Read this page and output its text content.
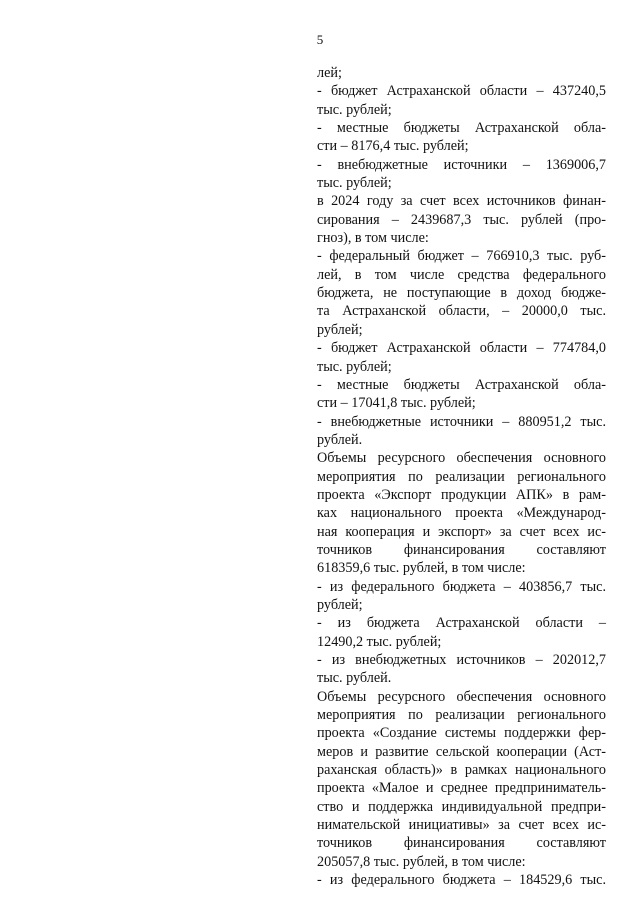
5
лей;
- бюджет Астраханской области – 437240,5
тыс. рублей;
- местные бюджеты Астраханской обла-
сти – 8176,4 тыс. рублей;
- внебюджетные источники – 1369006,7
тыс. рублей;
в 2024 году за счет всех источников финан-
сирования – 2439687,3 тыс. рублей (про-
гноз), в том числе:
- федеральный бюджет – 766910,3 тыс. руб-
лей, в том числе средства федерального
бюджета, не поступающие в доход бюдже-
та Астраханской области, – 20000,0 тыс.
рублей;
- бюджет Астраханской области – 774784,0
тыс. рублей;
- местные бюджеты Астраханской обла-
сти – 17041,8 тыс. рублей;
- внебюджетные источники – 880951,2 тыс.
рублей.
Объемы ресурсного обеспечения основного
мероприятия по реализации регионального
проекта «Экспорт продукции АПК» в рам-
ках национального проекта «Международ-
ная кооперация и экспорт» за счет всех ис-
точников финансирования составляют
618359,6 тыс. рублей, в том числе:
- из федерального бюджета – 403856,7 тыс.
рублей;
- из бюджета Астраханской области –
12490,2 тыс. рублей;
- из внебюджетных источников – 202012,7
тыс. рублей.
Объемы ресурсного обеспечения основного
мероприятия по реализации регионального
проекта «Создание системы поддержки фер-
меров и развитие сельской кооперации (Аст-
раханская область)» в рамках национального
проекта «Малое и среднее предприниматель-
ство и поддержка индивидуальной предпри-
нимательской инициативы» за счет всех ис-
точников финансирования составляют
205057,8 тыс. рублей, в том числе:
- из федерального бюджета – 184529,6 тыс.
